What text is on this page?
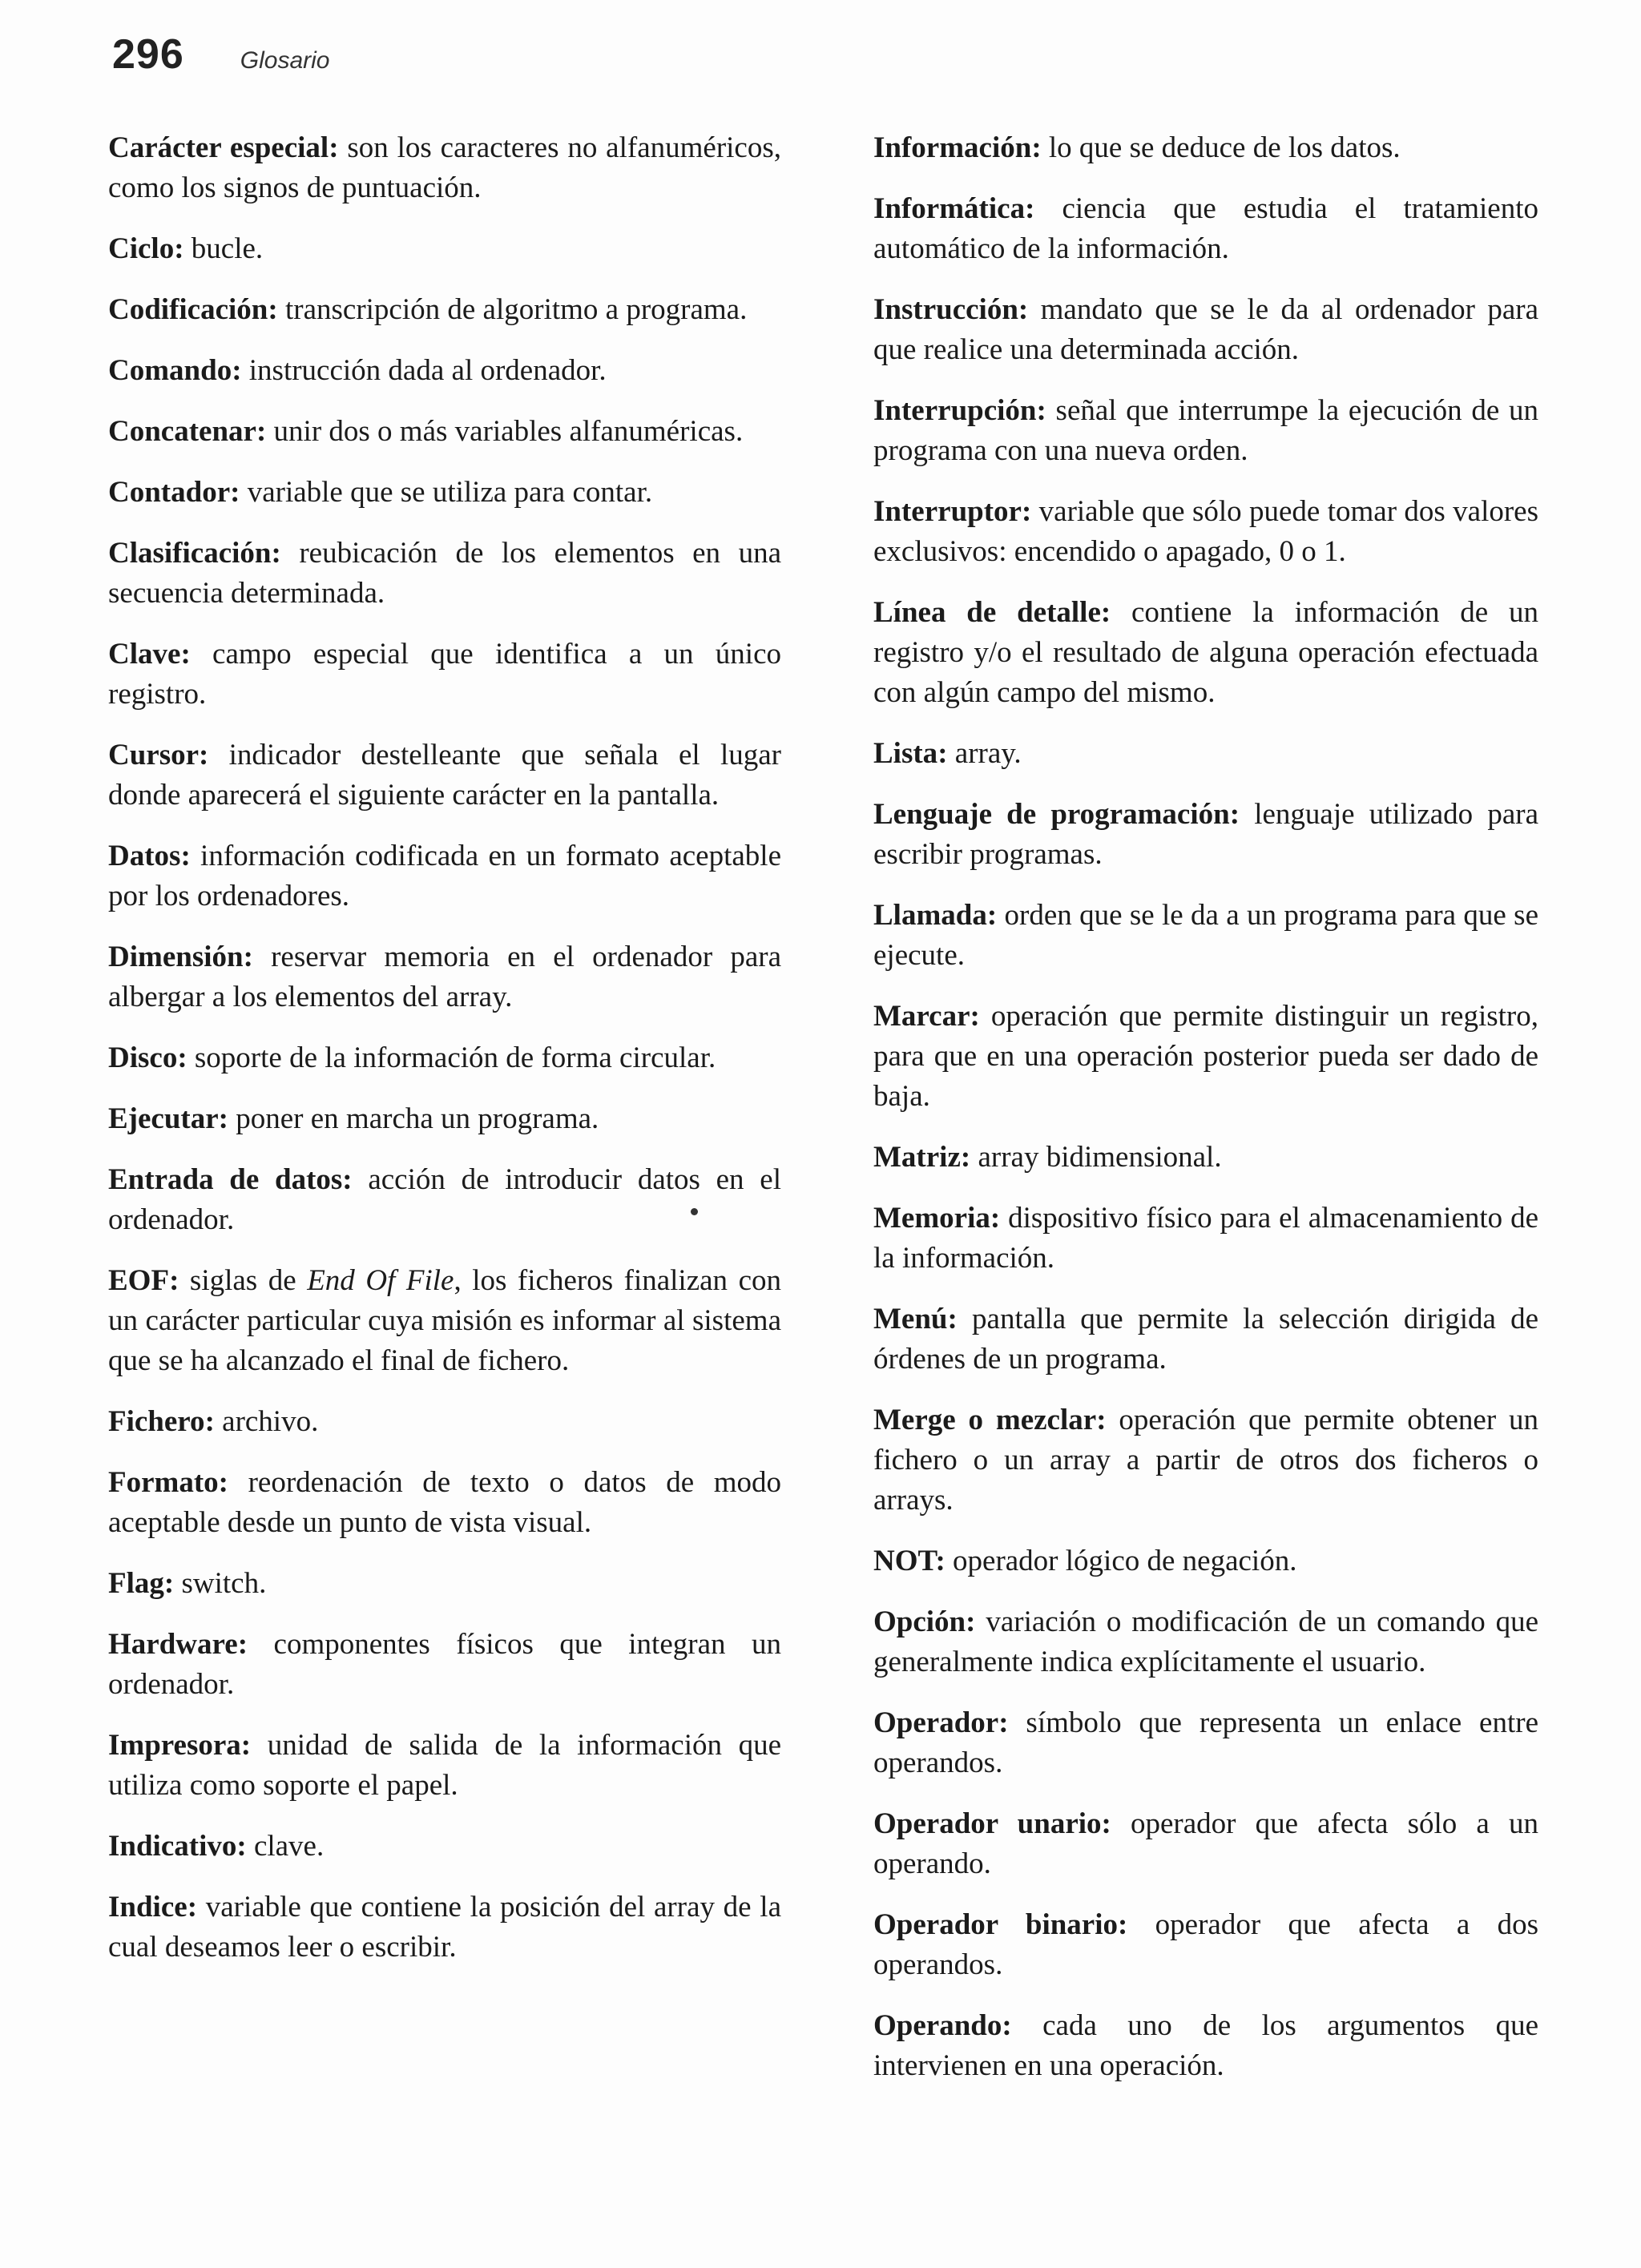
296 Glosario

Carácter especial: son los caracteres no alfanuméricos, como los signos de puntuación.

Ciclo: bucle.

Codificación: transcripción de algoritmo a programa.

Comando: instrucción dada al ordenador.

Concatenar: unir dos o más variables alfanuméricas.

Contador: variable que se utiliza para contar.

Clasificación: reubicación de los elementos en una secuencia determinada.

Clave: campo especial que identifica a un único registro.

Cursor: indicador destelleante que señala el lugar donde aparecerá el siguiente carácter en la pantalla.

Datos: información codificada en un formato aceptable por los ordenadores.

Dimensión: reservar memoria en el ordenador para albergar a los elementos del array.

Disco: soporte de la información de forma circular.

Ejecutar: poner en marcha un programa.

Entrada de datos: acción de introducir datos en el ordenador.

EOF: siglas de End Of File, los ficheros finalizan con un carácter particular cuya misión es informar al sistema que se ha alcanzado el final de fichero.

Fichero: archivo.

Formato: reordenación de texto o datos de modo aceptable desde un punto de vista visual.

Flag: switch.

Hardware: componentes físicos que integran un ordenador.

Impresora: unidad de salida de la información que utiliza como soporte el papel.

Indicativo: clave.

Indice: variable que contiene la posición del array de la cual deseamos leer o escribir.

Información: lo que se deduce de los datos.

Informática: ciencia que estudia el tratamiento automático de la información.

Instrucción: mandato que se le da al ordenador para que realice una determinada acción.

Interrupción: señal que interrumpe la ejecución de un programa con una nueva orden.

Interruptor: variable que sólo puede tomar dos valores exclusivos: encendido o apagado, 0 o 1.

Línea de detalle: contiene la información de un registro y/o el resultado de alguna operación efectuada con algún campo del mismo.

Lista: array.

Lenguaje de programación: lenguaje utilizado para escribir programas.

Llamada: orden que se le da a un programa para que se ejecute.

Marcar: operación que permite distinguir un registro, para que en una operación posterior pueda ser dado de baja.

Matriz: array bidimensional.

Memoria: dispositivo físico para el almacenamiento de la información.

Menú: pantalla que permite la selección dirigida de órdenes de un programa.

Merge o mezclar: operación que permite obtener un fichero o un array a partir de otros dos ficheros o arrays.

NOT: operador lógico de negación.

Opción: variación o modificación de un comando que generalmente indica explícitamente el usuario.

Operador: símbolo que representa un enlace entre operandos.

Operador unario: operador que afecta sólo a un operando.

Operador binario: operador que afecta a dos operandos.

Operando: cada uno de los argumentos que intervienen en una operación.
